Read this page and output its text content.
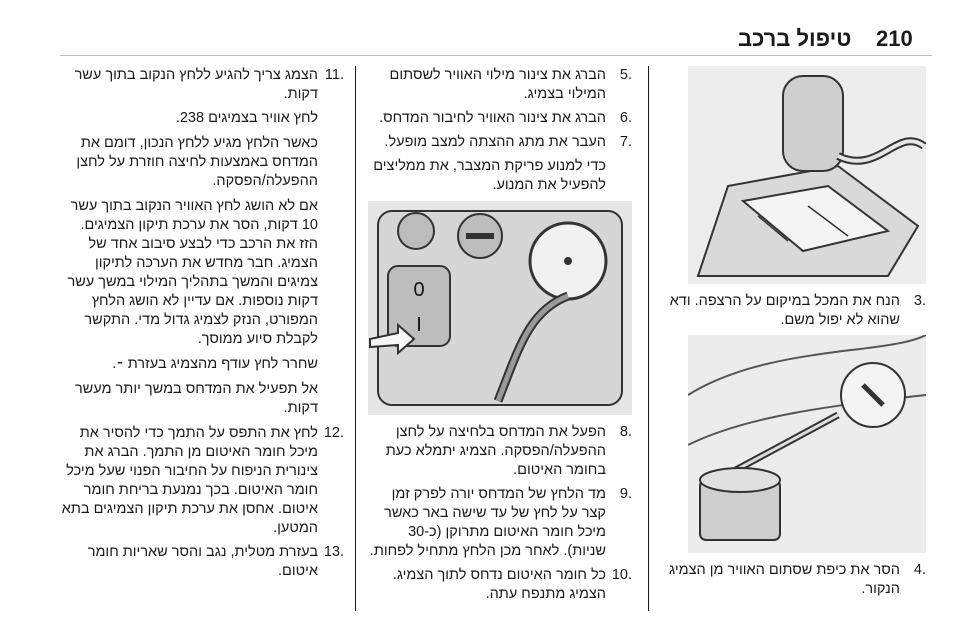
210
טיפול ברכב
.3
הנח את המכל במיקום על הרצפה. ודא שהוא לא יפול משם.
.4
הסר את כיפת שסתום האוויר מן הצמיג הנקור.
.5
הברג את צינור מילוי האוויר לשסתום המילוי בצמיג.
.6
הברג את צינור האוויר לחיבור המדחס.
.7
העבר את מתג ההצתה למצב מופעל.

כדי למנוע פריקת המצבר, את ממליצים להפעיל את המנוע.

0
I
.8
הפעל את המדחס בלחיצה על לחצן ההפעלה/הפסקה. הצמיג יתמלא כעת בחומר האיטום.
.9
מד הלחץ של המדחס יורה לפרק זמן קצר על לחץ של עד שישה באר כאשר מיכל חומר האיטום מתרוקן (כ-30 שניות). לאחר מכן הלחץ מתחיל לפחות.
.10
כל חומר האיטום נדחס לתוך הצמיג. הצמיג מתנפח עתה.
.11
הצמג צריך להגיע ללחץ הנקוב בתוך עשר דקות.

לחץ אוויר בצמיגים 238.

כאשר הלחץ מגיע ללחץ הנכון, דומם את המדחס באמצעות לחיצה חוזרת על לחצן ההפעלה/הפסקה.

אם לא הושג לחץ האוויר הנקוב בתוך עשר 10 דקות, הסר את ערכת תיקון הצמיגים. הזז את הרכב כדי לבצע סיבוב אחד של הצמיג. חבר מחדש את הערכה לתיקון צמיגים והמשך בתהליך המילוי במשך עשר דקות נוספות. אם עדיין לא הושג הלחץ המפורט, הנזק לצמיג גדול מדי. התקשר לקבלת סיוע ממוסך.

שחרר לחץ עודף מהצמיג בעזרת ⁃.

אל תפעיל את המדחס במשך יותר מעשר דקות.

.12
לחץ את התפס על התמך כדי להסיר את מיכל חומר האיטום מן התמך. הברג את צינורית הניפוח על החיבור הפנוי שעל מיכל חומר האיטום. בכך נמנעת בריחת חומר איטום. אחסן את ערכת תיקון הצמיגים בתא המטען.
.13
בעזרת מטלית, נגב והסר שאריות חומר איטום.
